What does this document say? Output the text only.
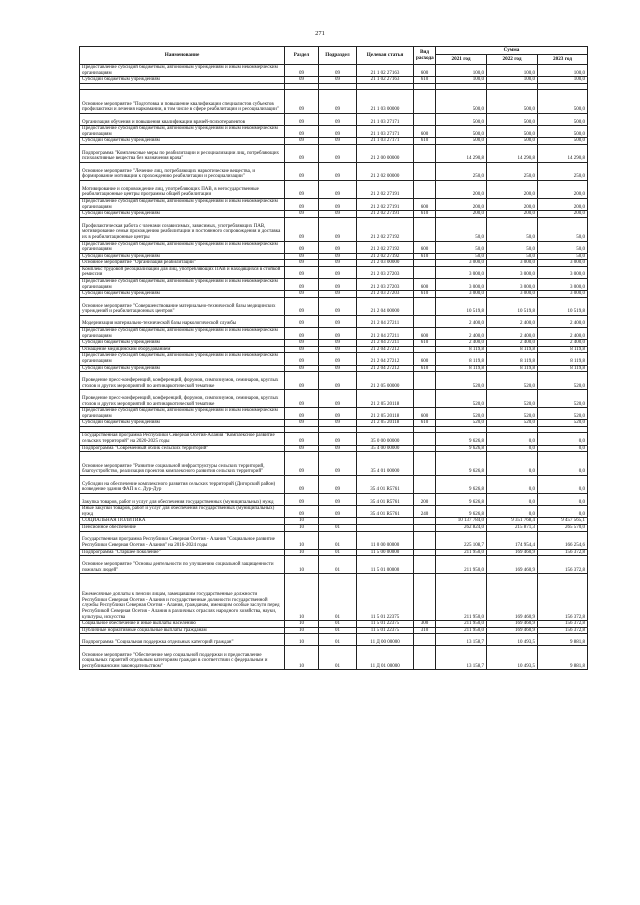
271
Наименование	Раздел	Подраздел	Целевая статья	Вид расхода	Сумма		
					2021 год	2022 год	2023 год
Предоставление субсидий бюджетным, автономным учреждениям и иным некоммерческим организациям	09	09	21 1 02 27163	600	100,0	100,0	100,0
Субсидии бюджетным учреждениям	09	09	21 1 02 27163	610	100,0	100,0	100,0

Основное мероприятие "Подготовка и повышение квалификации специалистов субъектов профилактики и лечения наркомании, в том числе в сфере реабилитации и ресоциализации"	09	09	21 1 03 00000		500,0	500,0	500,0
Организация обучения и повышения квалификации врачей-психотерапевтов	09	09	21 1 03 27171		500,0	500,0	500,0
Предоставление субсидий бюджетным, автономным учреждениям и иным некоммерческим организациям	09	09	21 1 03 27171	600	500,0	500,0	500,0
Субсидии бюджетным учреждениям	09	09	21 1 03 27171	610	500,0	500,0	500,0
Подпрограмма "Комплексные меры по реабилитации и ресоциализации лиц, потребляющих психоактивные вещества без назначения врача"	09	09	21 2 00 00000		14 290,8	14 290,8	14 290,8
Основное мероприятие "Лечение лиц, потребляющих наркотические вещества, и формирование мотивации к прохождению реабилитации и ресоциализации"	09	09	21 2 02 00000		250,0	250,0	250,0
Мотивирование и сопровождение лиц, употребляющих ПАВ, в негосударственные реабилитационные центры программы общей реабилитации	09	09	21 2 02 27191		200,0	200,0	200,0
Предоставление субсидий бюджетным, автономным учреждениям и иным некоммерческим организациям	09	09	21 2 02 27191	600	200,0	200,0	200,0
Субсидии бюджетным учреждениям	09	09	21 2 02 27191	610	200,0	200,0	200,0
Профилактическая работа с членами созависимых, зависимых, употребляющих ПАВ, мотивирование семьи прохождению реабилитации и постоянного сопровождения и доставка их в реабилитационные центры	09	09	21 2 02 27192		50,0	50,0	50,0
Предоставление субсидий бюджетным, автономным учреждениям и иным некоммерческим организациям	09	09	21 2 02 27192	600	50,0	50,0	50,0
Субсидии бюджетным учреждениям	09	09	21 2 02 27192	610	50,0	50,0	50,0
Основное мероприятие "Организация реабилитации"	09	09	21 2 03 00000		3 000,0	3 000,0	3 000,0
Комплекс трудовой ресоциализации для лиц, употребляющих ПАВ и находящихся в стойкой ремиссии	09	09	21 2 03 27203		3 000,0	3 000,0	3 000,0
Предоставление субсидий бюджетным, автономным учреждениям и иным некоммерческим организациям	09	09	21 2 03 27203	600	3 000,0	3 000,0	3 000,0
Субсидии бюджетным учреждениям	09	09	21 2 03 27203	610	3 000,0	3 000,0	3 000,0
Основное мероприятие "Совершенствование материально-технической базы медицинских учреждений и реабилитационных центров"	09	09	21 2 04 00000		10 519,8	10 519,8	10 519,8
Модернизация материально-технической базы наркологической службы	09	09	21 2 04 27211		2 400,0	2 400,0	2 400,0
Предоставление субсидий бюджетным, автономным учреждениям и иным некоммерческим организациям	09	09	21 2 04 27211	600	2 400,0	2 400,0	2 400,0
Субсидии бюджетным учреждениям	09	09	21 2 04 27211	610	2 400,0	2 400,0	2 400,0
Оснащение медицинским оборудованием	09	09	21 2 04 27212		8 119,8	8 119,8	8 119,8
Предоставление субсидий бюджетным, автономным учреждениям и иным некоммерческим организациям	09	09	21 2 04 27212	600	8 119,8	8 119,8	8 119,8
Субсидии бюджетным учреждениям	09	09	21 2 04 27212	610	8 119,8	8 119,8	8 119,8
Проведение пресс-конференций, конференций, форумов, симпозиумов, семинаров, круглых столов и других мероприятий по антинаркотической тематике	09	09	21 2 05 00000		520,0	520,0	520,0
Проведение пресс-конференций, конференций, форумов, симпозиумов, семинаров, круглых столов и других мероприятий по антинаркотической тематике	09	09	21 2 05 20118		520,0	520,0	520,0
Предоставление субсидий бюджетным, автономным учреждениям и иным некоммерческим организациям	09	09	21 2 05 20118	600	520,0	520,0	520,0
Субсидии бюджетным учреждениям	09	09	21 2 05 20118	610	520,0	520,0	520,0

Государственная программа Республики Северная Осетия-Алания "Комплексное развитие сельских территорий" на 2020-2025 годы	09	09	35 0 00 00000		9 626,8	0,0	0,0
Подпрограмма "Современный облик сельских территорий"	09	09	35 4 00 00000		9 626,8	0,0	0,0
Основное мероприятие "Развитие социальной инфраструктуры сельских территорий, благоустройство, реализация проектов комплексного развития сельских территорий"	09	09	35 4 01 00000		9 626,8	0,0	0,0
Субсидии на обеспечение комплексного развития сельских территорий (Дигорский район) возведение здания ФАП в с. Дур-Дур	09	09	35 4 01 R5761		9 626,8	0,0	0,0
Закупка товаров, работ и услуг для обеспечения государственных (муниципальных) нужд	09	09	35 4 01 R5761	200	9 626,8	0,0	0,0
Иные закупки товаров, работ и услуг для обеспечения государственных (муниципальных) нужд	09	09	35 4 01 R5761	240	9 626,8	0,0	0,0
СОЦИАЛЬНАЯ ПОЛИТИКА	10				10 137 784,0	9 351 768,4	9 457 565,1
Пенсионное обеспечение	10	01			262 824,0	215 871,3	265 570,0
Государственная программа Республики Северная Осетия - Алания "Социальное развитие Республики Северная Осетия - Алания" на 2016-2024 годы	10	01	11 0 00 00000		225 108,7	174 954,4	166 254,6
Подпрограмма "Старшее поколение"	10	01	11 5 00 00000		211 950,0	169 460,9	156 372,8
Основное мероприятие "Основы деятельности по улучшению социальной защищенности пожилых людей"	10	01	11 5 01 00000		211 950,0	169 460,9	156 372,8
Ежемесячные доплаты к пенсии лицам, замещавшим государственные должности Республики Северная Осетия - Алания и государственные должности государственной службы Республики Северная Осетия - Алания, гражданам, имеющим особые заслуги перед Республикой Северная Осетия - Алания в различных отраслях народного хозяйства, науки, культуры, искусства	10	01	11 5 01 22375		211 950,0	169 460,9	156 372,8
Социальное обеспечение и иные выплаты населению	10	01	11 5 01 22375	300	211 950,0	169 460,9	156 372,8
Публичные нормативные социальные выплаты гражданам	10	01	11 5 01 22375	310	211 950,0	169 460,9	156 372,8
Подпрограмма "Социальная поддержка отдельных категорий граждан"	10	01	11 Д 00 00000		13 158,7	10 493,5	9 881,8
Основное мероприятие "Обеспечение мер социальной поддержки и предоставление социальных гарантий отдельным категориям граждан в соответствии с федеральным и республиканским законодательством"	10	01	11 Д 01 00000		13 158,7	10 493,5	9 881,8
